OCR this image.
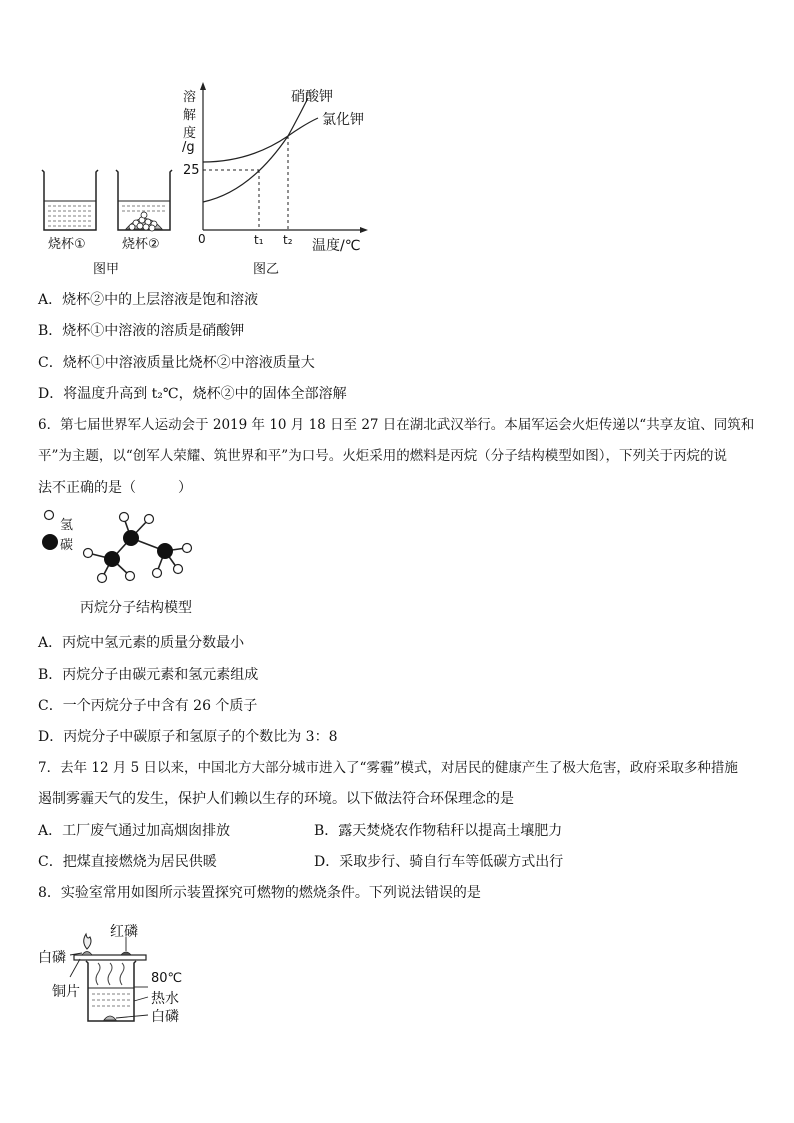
烧杯①	烧杯②
图甲
溶
解
度
/g
25
0	t₁ t₂ 温度/℃
硝酸钾
氯化钾
图乙
A．烧杯②中的上层溶液是饱和溶液
B．烧杯①中溶液的溶质是硝酸钾
C．烧杯①中溶液质量比烧杯②中溶液质量大
D．将温度升高到 t₂℃，烧杯②中的固体全部溶解
6．第七届世界军人运动会于 2019 年 10 月 18 日至 27 日在湖北武汉举行。本届军运会火炬传递以“共享友谊、同筑和
平”为主题，以“创军人荣耀、筑世界和平”为口号。火炬采用的燃料是丙烷（分子结构模型如图），下列关于丙烷的说
法不正确的是（　　　）
氢
碳
丙烷分子结构模型
A．丙烷中氢元素的质量分数最小
B．丙烷分子由碳元素和氢元素组成
C．一个丙烷分子中含有 26 个质子
D．丙烷分子中碳原子和氢原子的个数比为 3：8
7．去年 12 月 5 日以来，中国北方大部分城市进入了“雾霾”模式，对居民的健康产生了极大危害，政府采取多种措施
遏制雾霾天气的发生，保护人们赖以生存的环境。以下做法符合环保理念的是
A．工厂废气通过加高烟囱排放	B．露天焚烧农作物秸秆以提高土壤肥力
C．把煤直接燃烧为居民供暖	D．采取步行、骑自行车等低碳方式出行
8．实验室常用如图所示装置探究可燃物的燃烧条件。下列说法错误的是
红磷
白磷
铜片
80℃
热水
白磷
